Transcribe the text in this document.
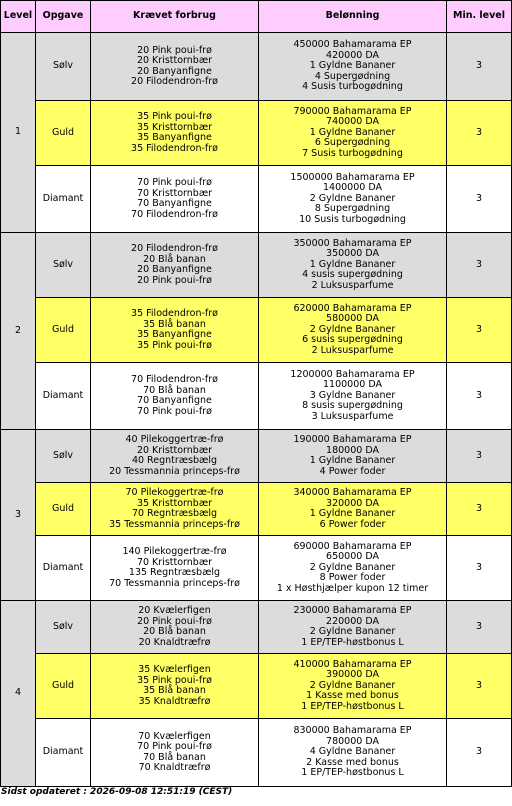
Level	Opgave	Krævet forbrug	Belønning	Min. level
1	Sølv	20 Pink poui-frø
20 Kristtornbær
20 Banyanfigne
20 Filodendron-frø	450000 Bahamarama EP
420000 DA
1 Gyldne Bananer
4 Supergødning
4 Susis turbogødning	3
	Guld	35 Pink poui-frø
35 Kristtornbær
35 Banyanfigne
35 Filodendron-frø	790000 Bahamarama EP
740000 DA
1 Gyldne Bananer
6 Supergødning
7 Susis turbogødning	3
	Diamant	70 Pink poui-frø
70 Kristtornbær
70 Banyanfigne
70 Filodendron-frø	1500000 Bahamarama EP
1400000 DA
2 Gyldne Bananer
8 Supergødning
10 Susis turbogødning	3
2	Sølv	20 Filodendron-frø
20 Blå banan
20 Banyanfigne
20 Pink poui-frø	350000 Bahamarama EP
350000 DA
1 Gyldne Bananer
4 susis supergødning
2 Luksusparfume	3
	Guld	35 Filodendron-frø
35 Blå banan
35 Banyanfigne
35 Pink poui-frø	620000 Bahamarama EP
580000 DA
2 Gyldne Bananer
6 susis supergødning
2 Luksusparfume	3
	Diamant	70 Filodendron-frø
70 Blå banan
70 Banyanfigne
70 Pink poui-frø	1200000 Bahamarama EP
1100000 DA
3 Gyldne Bananer
8 susis supergødning
3 Luksusparfume	3
3	Sølv	40 Pilekoggertræ-frø
20 Kristtornbær
40 Regntræsbælg
20 Tessmannia princeps-frø	190000 Bahamarama EP
180000 DA
1 Gyldne Bananer
4 Power foder	3
	Guld	70 Pilekoggertræ-frø
35 Kristtornbær
70 Regntræsbælg
35 Tessmannia princeps-frø	340000 Bahamarama EP
320000 DA
1 Gyldne Bananer
6 Power foder	3
	Diamant	140 Pilekoggertræ-frø
70 Kristtornbær
135 Regntræsbælg
70 Tessmannia princeps-frø	690000 Bahamarama EP
650000 DA
2 Gyldne Bananer
8 Power foder
1 x Høsthjælper kupon 12 timer	3
4	Sølv	20 Kvælerfigen
20 Pink poui-frø
20 Blå banan
20 Knaldtræfrø	230000 Bahamarama EP
220000 DA
2 Gyldne Bananer
1 EP/TEP-høstbonus L	3
	Guld	35 Kvælerfigen
35 Pink poui-frø
35 Blå banan
35 Knaldtræfrø	410000 Bahamarama EP
390000 DA
2 Gyldne Bananer
1 Kasse med bonus
1 EP/TEP-høstbonus L	3
	Diamant	70 Kvælerfigen
70 Pink poui-frø
70 Blå banan
70 Knaldtræfrø	830000 Bahamarama EP
780000 DA
4 Gyldne Bananer
2 Kasse med bonus
1 EP/TEP-høstbonus L	3
Sidst opdateret : 2026-09-08 12:51:19 (CEST)
